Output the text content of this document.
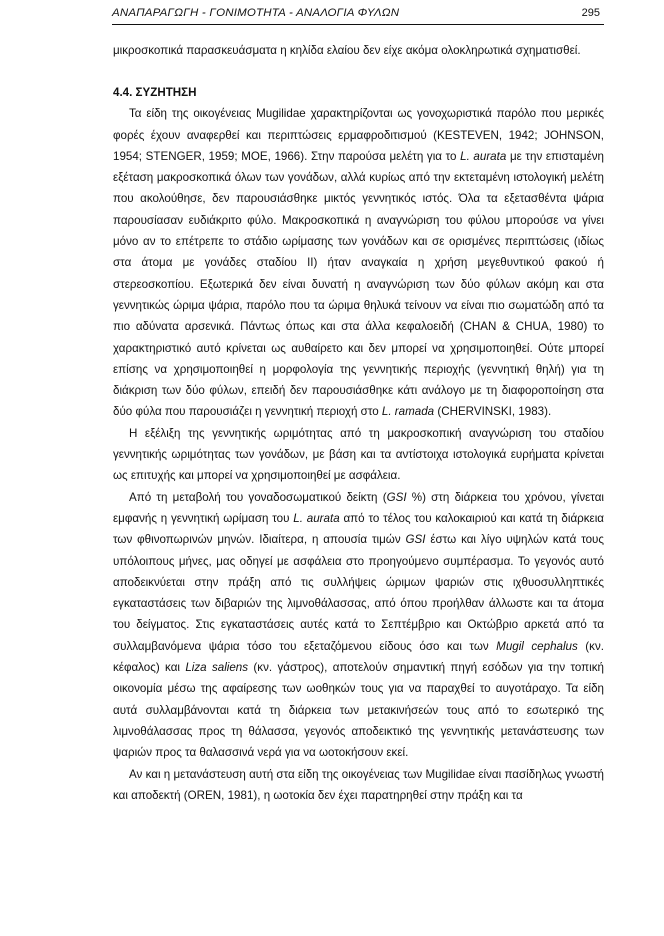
ΑΝΑΠΑΡΑΓΩΓΗ - ΓΟΝΙΜΟΤΗΤΑ - ΑΝΑΛΟΓΙΑ ΦΥΛΩΝ	295

μικροσκοπικά παρασκευάσματα η κηλίδα ελαίου δεν είχε ακόμα ολοκληρωτικά σχηματισθεί.

4.4. ΣΥΖΗΤΗΣΗ

Τα είδη της οικογένειας Mugilidae χαρακτηρίζονται ως γονοχωριστικά παρόλο που μερικές φορές έχουν αναφερθεί και περιπτώσεις ερμαφροδιτισμού (KESTEVEN, 1942; JOHNSON, 1954; STENGER, 1959; MOE, 1966). Στην παρούσα μελέτη για το L. aurata με την επισταμένη εξέταση μακροσκοπικά όλων των γονάδων, αλλά κυρίως από την εκτεταμένη ιστολογική μελέτη που ακολούθησε, δεν παρουσιάσθηκε μικτός γεννητικός ιστός. Όλα τα εξετασθέντα ψάρια παρουσίασαν ευδιάκριτο φύλο. Μακροσκοπικά η αναγνώριση του φύλου μπορούσε να γίνει μόνο αν το επέτρεπε το στάδιο ωρίμασης των γονάδων και σε ορισμένες περιπτώσεις (ιδίως στα άτομα με γονάδες σταδίου II) ήταν αναγκαία η χρήση μεγεθυντικού φακού ή στερεοσκοπίου. Εξωτερικά δεν είναι δυνατή η αναγνώριση των δύο φύλων ακόμη και στα γεννητικώς ώριμα ψάρια, παρόλο που τα ώριμα θηλυκά τείνουν να είναι πιο σωματώδη από τα πιο αδύνατα αρσενικά. Πάντως όπως και στα άλλα κεφαλοειδή (CHAN & CHUA, 1980) το χαρακτηριστικό αυτό κρίνεται ως αυθαίρετο και δεν μπορεί να χρησιμοποιηθεί. Ούτε μπορεί επίσης να χρησιμοποιηθεί η μορφολογία της γεννητικής περιοχής (γεννητική θηλή) για τη διάκριση των δύο φύλων, επειδή δεν παρουσιάσθηκε κάτι ανάλογο με τη διαφοροποίηση στα δύο φύλα που παρουσιάζει η γεννητική περιοχή στο L. ramada (CHERVINSKI, 1983).

Η εξέλιξη της γεννητικής ωριμότητας από τη μακροσκοπική αναγνώριση του σταδίου γεννητικής ωριμότητας των γονάδων, με βάση και τα αντίστοιχα ιστολογικά ευρήματα κρίνεται ως επιτυχής και μπορεί να χρησιμοποιηθεί με ασφάλεια.

Από τη μεταβολή του γοναδοσωματικού δείκτη (GSI %) στη διάρκεια του χρόνου, γίνεται εμφανής η γεννητική ωρίμαση του L. aurata από το τέλος του καλοκαιριού και κατά τη διάρκεια των φθινοπωρινών μηνών. Ιδιαίτερα, η απουσία τιμών GSI έστω και λίγο υψηλών κατά τους υπόλοιπους μήνες, μας οδηγεί με ασφάλεια στο προηγούμενο συμπέρασμα. Το γεγονός αυτό αποδεικνύεται στην πράξη από τις συλλήψεις ώριμων ψαριών στις ιχθυοσυλληπτικές εγκαταστάσεις των διβαριών της λιμνοθάλασσας, από όπου προήλθαν άλλωστε και τα άτομα του δείγματος. Στις εγκαταστάσεις αυτές κατά το Σεπτέμβριο και Οκτώβριο αρκετά από τα συλλαμβανόμενα ψάρια τόσο του εξεταζόμενου είδους όσο και των Mugil cephalus (κν. κέφαλος) και Liza saliens (κν. γάστρος), αποτελούν σημαντική πηγή εσόδων για την τοπική οικονομία μέσω της αφαίρεσης των ωοθηκών τους για να παραχθεί το αυγοτάραχο. Τα είδη αυτά συλλαμβάνονται κατά τη διάρκεια των μετακινήσεών τους από το εσωτερικό της λιμνοθάλασσας προς τη θάλασσα, γεγονός αποδεικτικό της γεννητικής μετανάστευσης των ψαριών προς τα θαλασσινά νερά για να ωοτοκήσουν εκεί.

Αν και η μετανάστευση αυτή στα είδη της οικογένειας των Mugilidae είναι πασίδηλως γνωστή και αποδεκτή (OREN, 1981), η ωοτοκία δεν έχει παρατηρηθεί στην πράξη και τα
